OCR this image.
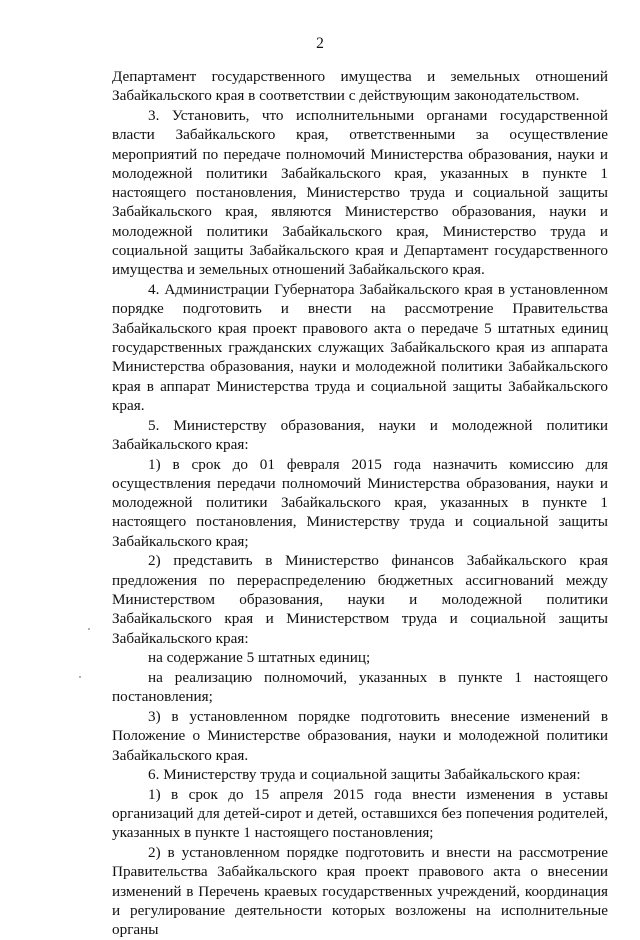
2

Департамент государственного имущества и земельных отношений Забайкальского края в соответствии с действующим законодательством.

3. Установить, что исполнительными органами государственной власти Забайкальского края, ответственными за осуществление мероприятий по передаче полномочий Министерства образования, науки и молодежной политики Забайкальского края, указанных в пункте 1 настоящего постановления, Министерство труда и социальной защиты Забайкальского края, являются Министерство образования, науки и молодежной политики Забайкальского края, Министерство труда и социальной защиты Забайкальского края и Департамент государственного имущества и земельных отношений Забайкальского края.

4. Администрации Губернатора Забайкальского края в установленном порядке подготовить и внести на рассмотрение Правительства Забайкальского края проект правового акта о передаче 5 штатных единиц государственных гражданских служащих Забайкальского края из аппарата Министерства образования, науки и молодежной политики Забайкальского края в аппарат Министерства труда и социальной защиты Забайкальского края.

5. Министерству образования, науки и молодежной политики Забайкальского края:

1) в срок до 01 февраля 2015 года назначить комиссию для осуществления передачи полномочий Министерства образования, науки и молодежной политики Забайкальского края, указанных в пункте 1 настоящего постановления, Министерству труда и социальной защиты Забайкальского края;

2) представить в Министерство финансов Забайкальского края предложения по перераспределению бюджетных ассигнований между Министерством образования, науки и молодежной политики Забайкальского края и Министерством труда и социальной защиты Забайкальского края:

на содержание 5 штатных единиц;

на реализацию полномочий, указанных в пункте 1 настоящего постановления;

3) в установленном порядке подготовить внесение изменений в Положение о Министерстве образования, науки и молодежной политики Забайкальского края.

6. Министерству труда и социальной защиты Забайкальского края:

1) в срок до 15 апреля 2015 года внести изменения в уставы организаций для детей-сирот и детей, оставшихся без попечения родителей, указанных в пункте 1 настоящего постановления;

2) в установленном порядке подготовить и внести на рассмотрение Правительства Забайкальского края проект правового акта о внесении изменений в Перечень краевых государственных учреждений, координация и регулирование деятельности которых возложены на исполнительные органы
